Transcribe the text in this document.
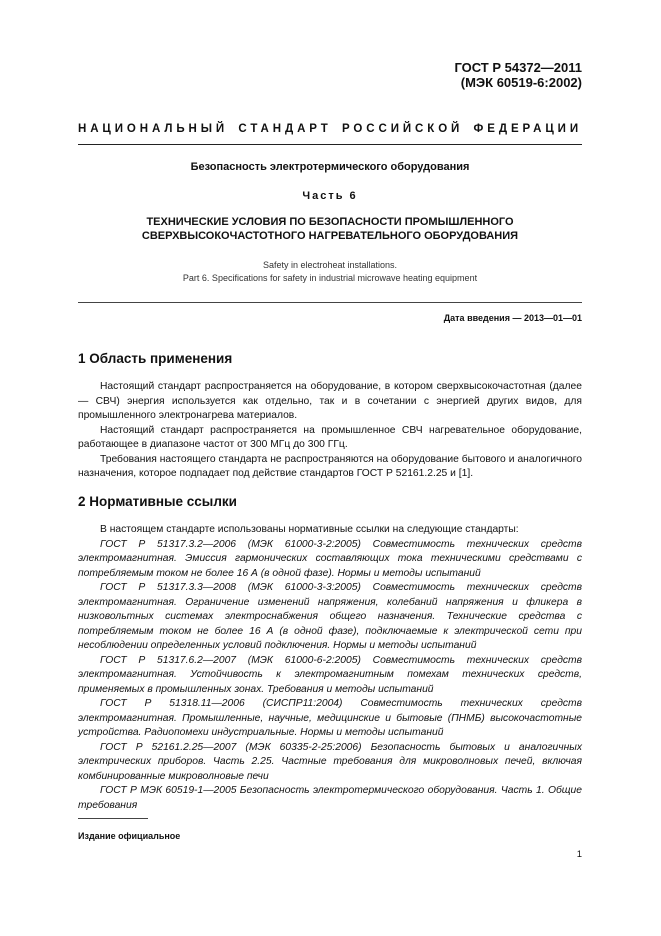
ГОСТ Р 54372—2011
(МЭК 60519-6:2002)
НАЦИОНАЛЬНЫЙ СТАНДАРТ РОССИЙСКОЙ ФЕДЕРАЦИИ
Безопасность электротермического оборудования
Часть 6
ТЕХНИЧЕСКИЕ УСЛОВИЯ ПО БЕЗОПАСНОСТИ ПРОМЫШЛЕННОГО
СВЕРХВЫСОКОЧАСТОТНОГО НАГРЕВАТЕЛЬНОГО ОБОРУДОВАНИЯ
Safety in electroheat installations.
Part 6. Specifications for safety in industrial microwave heating equipment
Дата введения — 2013—01—01
1 Область применения

Настоящий стандарт распространяется на оборудование, в котором сверхвысокочастотная (далее — СВЧ) энергия используется как отдельно, так и в сочетании с энергией других видов, для промышленного электронагрева материалов.

Настоящий стандарт распространяется на промышленное СВЧ нагревательное оборудование, работающее в диапазоне частот от 300 МГц до 300 ГГц.

Требования настоящего стандарта не распространяются на оборудование бытового и аналогичного назначения, которое подпадает под действие стандартов ГОСТ Р 52161.2.25 и [1].

2 Нормативные ссылки

В настоящем стандарте использованы нормативные ссылки на следующие стандарты:

ГОСТ Р 51317.3.2—2006 (МЭК 61000-3-2:2005) Совместимость технических средств электромагнитная. Эмиссия гармонических составляющих тока техническими средствами с потребляемым током не более 16 А (в одной фазе). Нормы и методы испытаний

ГОСТ Р 51317.3.3—2008 (МЭК 61000-3-3:2005) Совместимость технических средств электромагнитная. Ограничение изменений напряжения, колебаний напряжения и фликера в низковольтных системах электроснабжения общего назначения. Технические средства с потребляемым током не более 16 А (в одной фазе), подключаемые к электрической сети при несоблюдении определенных условий подключения. Нормы и методы испытаний

ГОСТ Р 51317.6.2—2007 (МЭК 61000-6-2:2005) Совместимость технических средств электромагнитная. Устойчивость к электромагнитным помехам технических средств, применяемых в промышленных зонах. Требования и методы испытаний

ГОСТ Р 51318.11—2006 (СИСПР11:2004) Совместимость технических средств электромагнитная. Промышленные, научные, медицинские и бытовые (ПНМБ) высокочастотные устройства. Радиопомехи индустриальные. Нормы и методы испытаний

ГОСТ Р 52161.2.25—2007 (МЭК 60335-2-25:2006) Безопасность бытовых и аналогичных электрических приборов. Часть 2.25. Частные требования для микроволновых печей, включая комбинированные микроволновые печи

ГОСТ Р МЭК 60519-1—2005 Безопасность электротермического оборудования. Часть 1. Общие требования

Издание официальное
1
